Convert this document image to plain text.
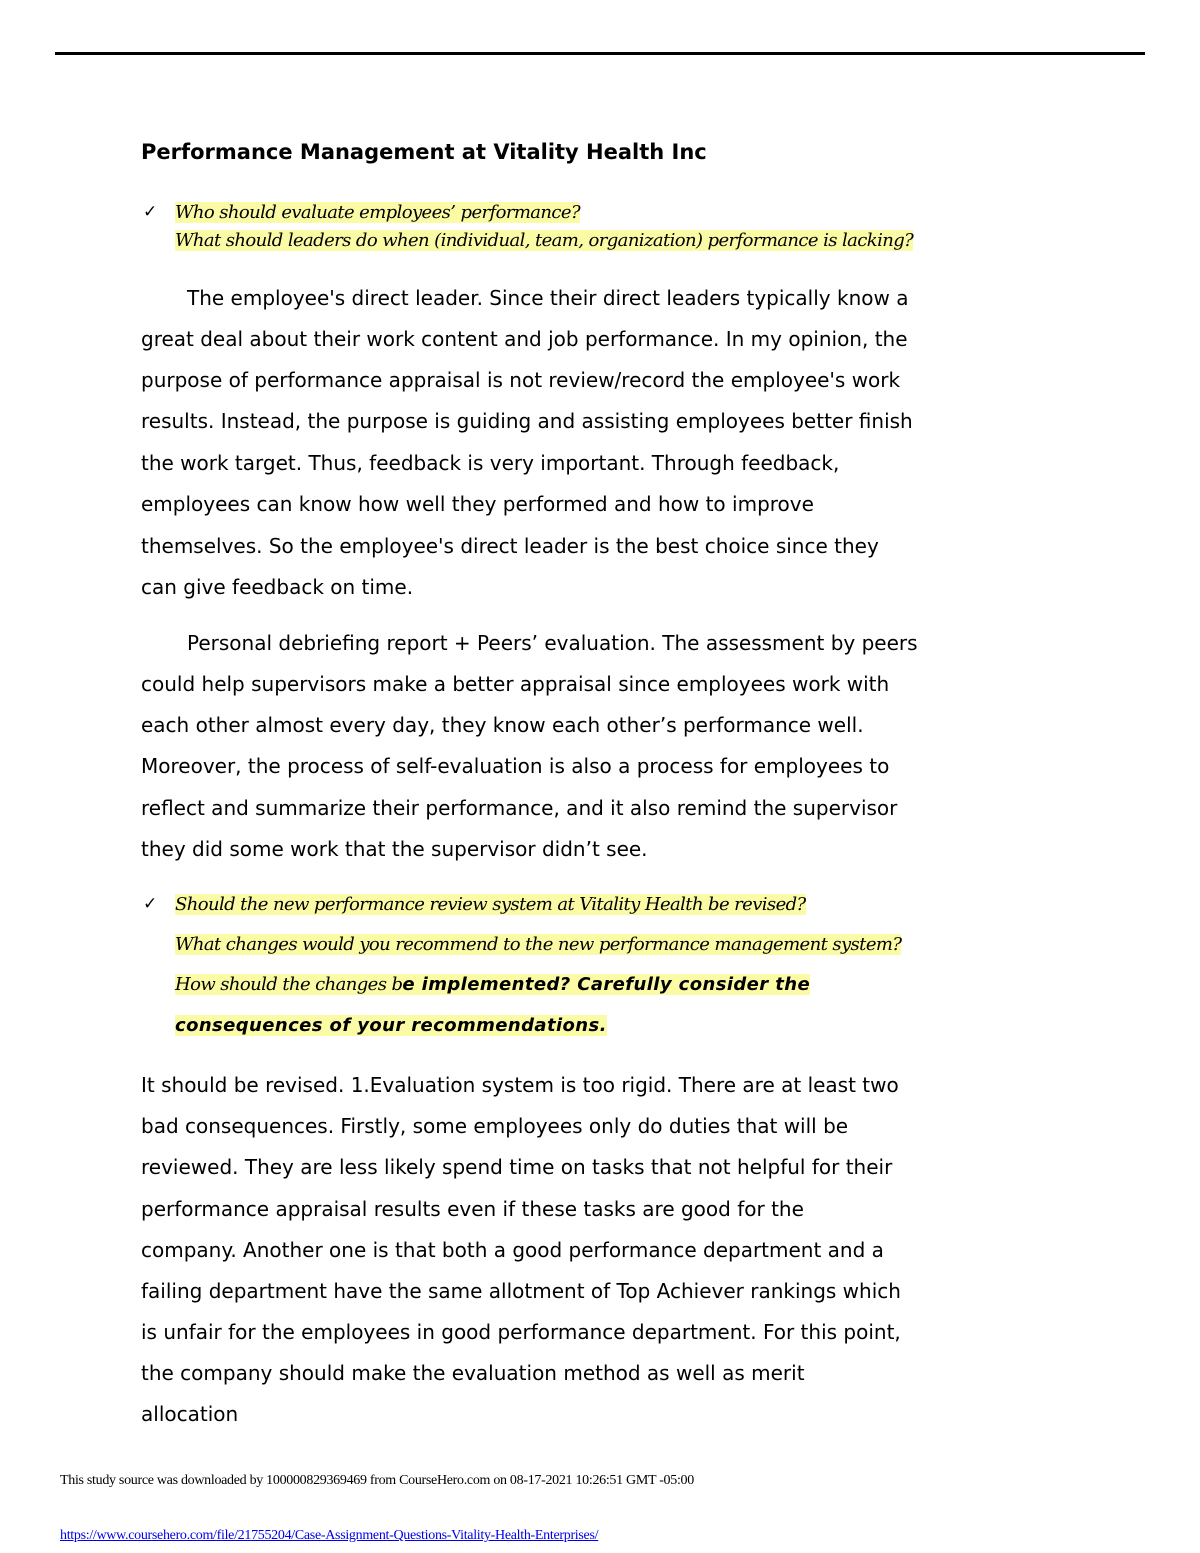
Performance Management at Vitality Health Inc
✓ Who should evaluate employees’ performance?
What should leaders do when (individual, team, organization) performance is lacking?
The employee's direct leader. Since their direct leaders typically know a
great deal about their work content and job performance. In my opinion, the
purpose of performance appraisal is not review/record the employee's work
results. Instead, the purpose is guiding and assisting employees better finish
the work target. Thus, feedback is very important. Through feedback,
employees can know how well they performed and how to improve
themselves. So the employee's direct leader is the best choice since they
can give feedback on time.
Personal debriefing report + Peers’ evaluation. The assessment by peers
could help supervisors make a better appraisal since employees work with
each other almost every day, they know each other’s performance well.
Moreover, the process of self-evaluation is also a process for employees to
reflect and summarize their performance, and it also remind the supervisor
they did some work that the supervisor didn’t see.
✓ Should the new performance review system at Vitality Health be revised?
What changes would you recommend to the new performance management system?
How should the changes be implemented? Carefully consider the
consequences of your recommendations.
It should be revised. 1.Evaluation system is too rigid. There are at least two
bad consequences. Firstly, some employees only do duties that will be
reviewed. They are less likely spend time on tasks that not helpful for their
performance appraisal results even if these tasks are good for the
company. Another one is that both a good performance department and a
failing department have the same allotment of Top Achiever rankings which
is unfair for the employees in good performance department. For this point,
the company should make the evaluation method as well as merit
allocation
This study source was downloaded by 100000829369469 from CourseHero.com on 08-17-2021 10:26:51 GMT -05:00
https://www.coursehero.com/file/21755204/Case-Assignment-Questions-Vitality-Health-Enterprises/
